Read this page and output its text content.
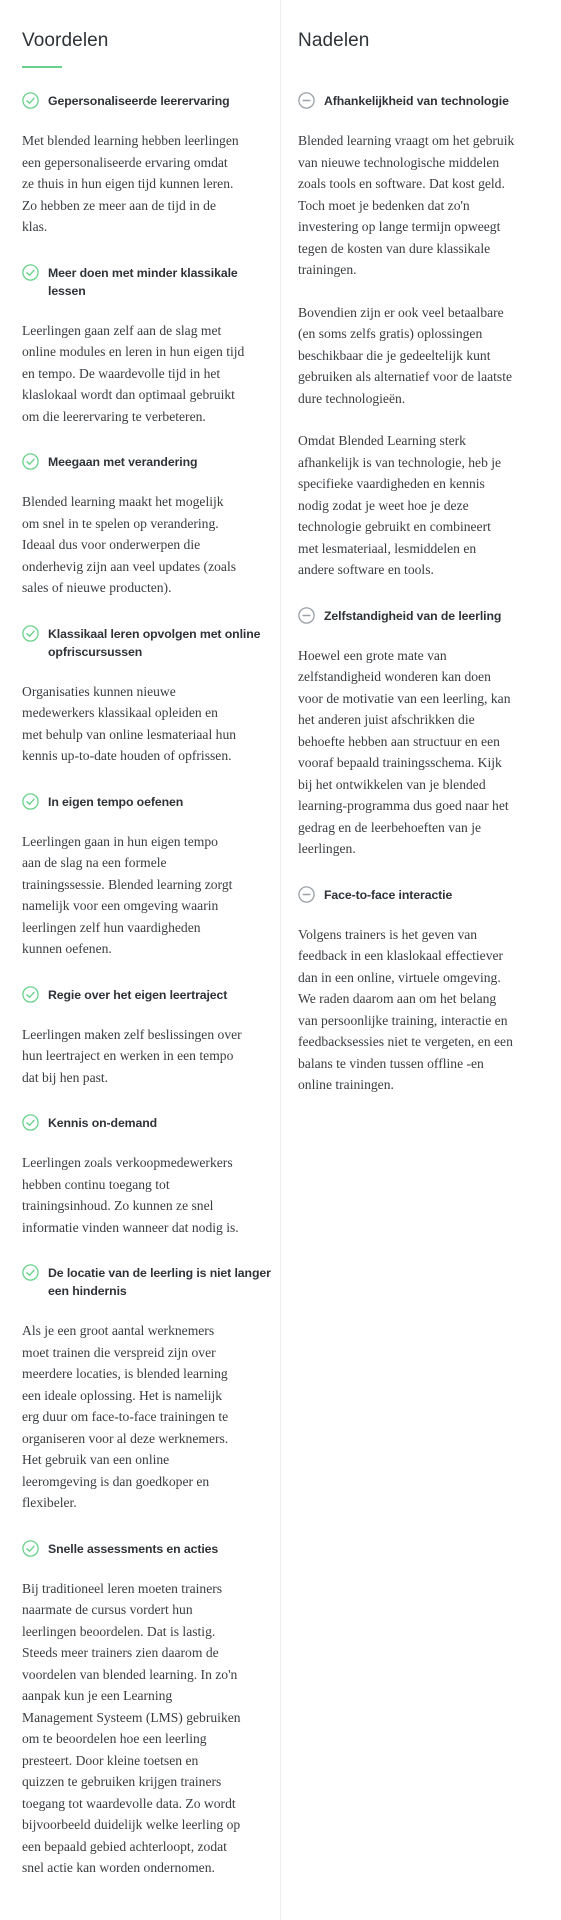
Voordelen
Gepersonaliseerde leerervaring

Met blended learning hebben leerlingen
een gepersonaliseerde ervaring omdat
ze thuis in hun eigen tijd kunnen leren.
Zo hebben ze meer aan de tijd in de
klas.

Meer doen met minder klassikale
lessen

Leerlingen gaan zelf aan de slag met
online modules en leren in hun eigen tijd
en tempo. De waardevolle tijd in het
klaslokaal wordt dan optimaal gebruikt
om die leerervaring te verbeteren.

Meegaan met verandering

Blended learning maakt het mogelijk
om snel in te spelen op verandering.
Ideaal dus voor onderwerpen die
onderhevig zijn aan veel updates (zoals
sales of nieuwe producten).

Klassikaal leren opvolgen met online
opfriscursussen

Organisaties kunnen nieuwe
medewerkers klassikaal opleiden en
met behulp van online lesmateriaal hun
kennis up-to-date houden of opfrissen.

In eigen tempo oefenen

Leerlingen gaan in hun eigen tempo
aan de slag na een formele
trainingssessie. Blended learning zorgt
namelijk voor een omgeving waarin
leerlingen zelf hun vaardigheden
kunnen oefenen.

Regie over het eigen leertraject

Leerlingen maken zelf beslissingen over
hun leertraject en werken in een tempo
dat bij hen past.

Kennis on-demand

Leerlingen zoals verkoopmedewerkers
hebben continu toegang tot
trainingsinhoud. Zo kunnen ze snel
informatie vinden wanneer dat nodig is.

De locatie van de leerling is niet langer
een hindernis

Als je een groot aantal werknemers
moet trainen die verspreid zijn over
meerdere locaties, is blended learning
een ideale oplossing. Het is namelijk
erg duur om face-to-face trainingen te
organiseren voor al deze werknemers.
Het gebruik van een online
leeromgeving is dan goedkoper en
flexibeler.

Snelle assessments en acties

Bij traditioneel leren moeten trainers
naarmate de cursus vordert hun
leerlingen beoordelen. Dat is lastig.
Steeds meer trainers zien daarom de
voordelen van blended learning. In zo'n
aanpak kun je een Learning
Management Systeem (LMS) gebruiken
om te beoordelen hoe een leerling
presteert. Door kleine toetsen en
quizzen te gebruiken krijgen trainers
toegang tot waardevolle data. Zo wordt
bijvoorbeeld duidelijk welke leerling op
een bepaald gebied achterloopt, zodat
snel actie kan worden ondernomen.

Nadelen
Afhankelijkheid van technologie

Blended learning vraagt om het gebruik
van nieuwe technologische middelen
zoals tools en software. Dat kost geld.
Toch moet je bedenken dat zo'n
investering op lange termijn opweegt
tegen de kosten van dure klassikale
trainingen.

Bovendien zijn er ook veel betaalbare
(en soms zelfs gratis) oplossingen
beschikbaar die je gedeeltelijk kunt
gebruiken als alternatief voor de laatste
dure technologieën.

Omdat Blended Learning sterk
afhankelijk is van technologie, heb je
specifieke vaardigheden en kennis
nodig zodat je weet hoe je deze
technologie gebruikt en combineert
met lesmateriaal, lesmiddelen en
andere software en tools.

Zelfstandigheid van de leerling

Hoewel een grote mate van
zelfstandigheid wonderen kan doen
voor de motivatie van een leerling, kan
het anderen juist afschrikken die
behoefte hebben aan structuur en een
vooraf bepaald trainingsschema. Kijk
bij het ontwikkelen van je blended
learning-programma dus goed naar het
gedrag en de leerbehoeften van je
leerlingen.

Face-to-face interactie

Volgens trainers is het geven van
feedback in een klaslokaal effectiever
dan in een online, virtuele omgeving.
We raden daarom aan om het belang
van persoonlijke training, interactie en
feedbacksessies niet te vergeten, en een
balans te vinden tussen offline -en
online trainingen.
